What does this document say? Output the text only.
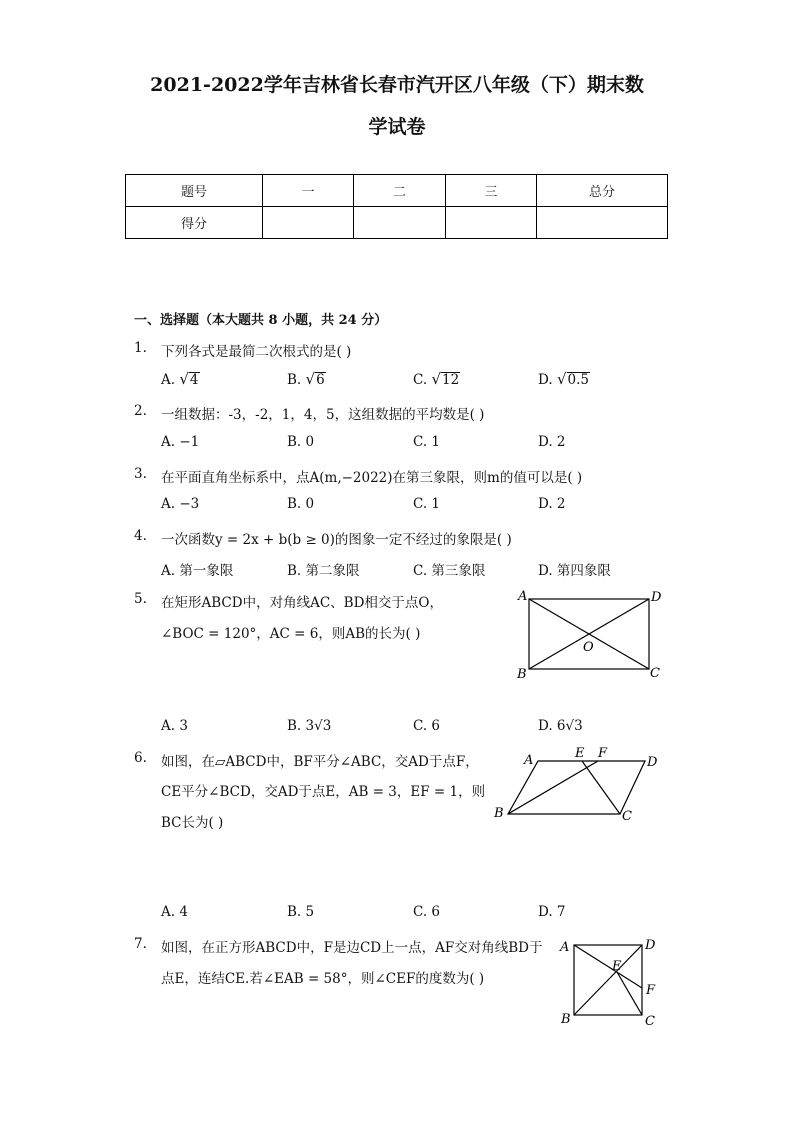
2021-2022学年吉林省长春市汽开区八年级（下）期末数
学试卷
题号	一	二	三	总分
得分				
一、选择题（本大题共 8 小题，共 24 分）
1. 下列各式是最简二次根式的是( )
A. √4	B. √6	C. √12	D. √0.5
2. 一组数据：-3，-2，1，4，5，这组数据的平均数是( )
A. −1	B. 0	C. 1	D. 2
3. 在平面直角坐标系中，点A(m,−2022)在第三象限，则m的值可以是( )
A. −3	B. 0	C. 1	D. 2
4. 一次函数y = 2x + b(b ≥ 0)的图象一定不经过的象限是( )
A. 第一象限	B. 第二象限	C. 第三象限	D. 第四象限
5. 在矩形ABCD中，对角线AC、BD相交于点O，
∠BOC = 120°，AC = 6，则AB的长为( )
A	D
B	C
O
A. 3	B. 3√3	C. 6	D. 6√3
6. 如图，在▱ABCD中，BF平分∠ABC，交AD于点F，
CE平分∠BCD，交AD于点E，AB = 3，EF = 1，则
BC长为( )
A	E F
D
B	C
A. 4	B. 5	C. 6	D. 7
7. 如图，在正方形ABCD中，F是边CD上一点，AF交对角线BD于
点E，连结CE.若∠EAB = 58°，则∠CEF的度数为( )
A	D
E
F
B	C
